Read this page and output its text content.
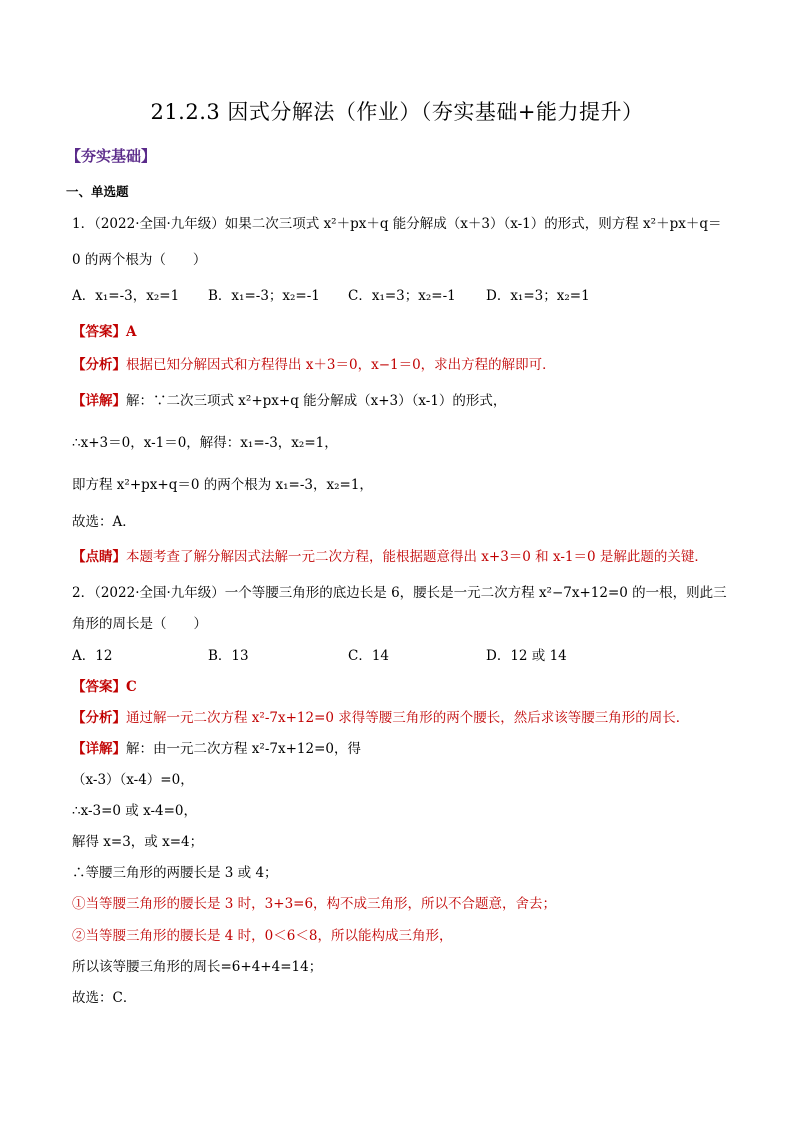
21.2.3 因式分解法（作业）（夯实基础+能力提升）
【夯实基础】
一、单选题
1．（2022·全国·九年级）如果二次三项式 x²＋px＋q 能分解成（x＋3）（x-1）的形式，则方程 x²＋px＋q＝
0 的两个根为（　　）
A．x₁=-3，x₂=1 B．x₁=-3；x₂=-1 C．x₁=3；x₂=-1 D．x₁=3；x₂=1
【答案】A
【分析】根据已知分解因式和方程得出 x＋3＝0，x−1＝0，求出方程的解即可．
【详解】解：∵二次三项式 x²+px+q 能分解成（x+3）（x-1）的形式，
∴x+3＝0，x-1＝0，解得：x₁=-3，x₂=1，
即方程 x²+px+q＝0 的两个根为 x₁=-3，x₂=1，
故选：A．
【点睛】本题考查了解分解因式法解一元二次方程，能根据题意得出 x+3＝0 和 x-1＝0 是解此题的关键．
2．（2022·全国·九年级）一个等腰三角形的底边长是 6，腰长是一元二次方程 x²−7x+12=0 的一根，则此三
角形的周长是（　　）
A．12	B．13	C．14	D．12 或 14
【答案】C
【分析】通过解一元二次方程 x²-7x+12=0 求得等腰三角形的两个腰长，然后求该等腰三角形的周长．
【详解】解：由一元二次方程 x²-7x+12=0，得
（x-3）（x-4）=0，
∴x-3=0 或 x-4=0，
解得 x=3，或 x=4；
∴等腰三角形的两腰长是 3 或 4；
①当等腰三角形的腰长是 3 时，3+3=6，构不成三角形，所以不合题意，舍去；
②当等腰三角形的腰长是 4 时，0＜6＜8，所以能构成三角形，
所以该等腰三角形的周长=6+4+4=14；
故选：C．
